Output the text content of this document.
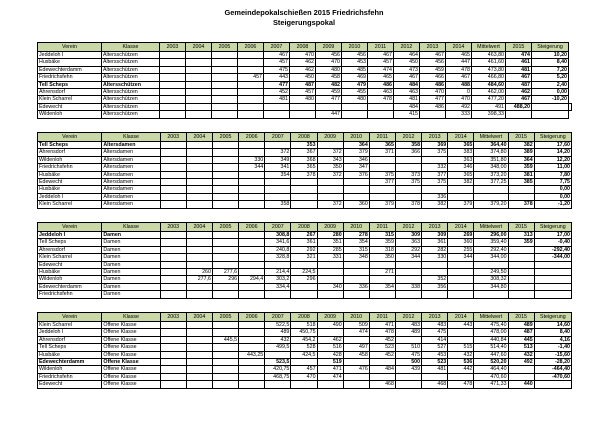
Gemeindepokalschießen 2015 Friedrichsfehn
Steigerungspokal
Verein	Klasse	2003	2004	2005	2006	2007	2008	2009	2010	2011	2012	2013	2014	Mittelwert	2015	Steigerung	
Jeddeloh I	Altersschützen					467	470	456	456	467	464	467	465	463,80	474	10,20	
Husbäke	Altersschützen					457	462	470	453	457	450	456	447	461,60	461	8,40	
Edewechterdamm	Altersschützen					475	462	480	485	474	473	459	478	473,80	481	7,20	
Friedrichsfehn	Altersschützen				457	443	450	458	469	465	467	466	467	466,80	467	5,20	
Tell Scheps	Altersschützen					477	487	482	479	486	484	486	488	484,60	487	2,40	
Ahrensdorf	Altersschützen					452	457	459	455	463	463	470	0	462,00	462	0,00	
Klein Scharrel	Altersschützen					481	480	477	480	478	481	477	470	477,20	467	-10,20	
Edewecht	Altersschützen										484	486	492	491	488,20		
Wildenloh	Altersschützen							447			415		333	398,33			
Verein	Klasse	2003	2004	2005	2006	2007	2008	2009	2010	2011	2012	2013	2014	Mittelwert	2015	Steigerung
Tell Scheps	Altersdamen						353		364	365	358	369	365	364,40	382	17,60
Ahrensdorf	Altersdamen					372	367	372	379	371	366	375	383	374,80	389	14,20
Wildenloh	Altersdamen				330	349	368	343	346				363	351,80	364	12,20
Friedrichsfehn	Altersdamen				344	341	365	350	347			332	346	348,00	359	11,00
Husbäke	Altersdamen					354	378	372	376	375	373	377	365	373,20	381	7,80
Edewecht	Altersdamen									377	375	375	382	377,25	385	7,75
Husbäke	Altersdamen															0,00
Jeddeloh I	Altersdamen											336				0,00
Klein Scharrel	Altersdamen					358		372	360	379	378	382	379	379,20	378	-1,20
Verein	Klasse	2003	2004	2005	2006	2007	2008	2009	2010	2011	2012	2013	2014	Mittelwert	2015	Steigerung
Jeddeloh I	Damen					308,8	267	280	278	315	309	309	269	296,00	313	17,00
Tell Scheps	Damen					341,6	361	351	354	359	363	361	360	359,40	359	-0,40
Ahrensdorf	Damen					240,8	292	285	315	318	292	282	255	292,40		-292,40
Klein Scharrel	Damen					328,8	321	331	348	350	344	330	344	344,00		-344,00
Edewecht	Damen															
Husbäke	Damen		260	277,6		214,4	224,5			271				249,50		
Wildenloh	Damen		277,6	296	294,4	303,2	296					352		308,32		
Edewechterdamm	Damen					334,4		340	336	354	338	356		344,80		
Friedrichsfehn	Damen															
Verein	Klasse	2003	2004	2005	2006	2007	2008	2009	2010	2011	2012	2013	2014	Mittelwert	2015	Steigerung
Klein Scharrel	Offene Klasse					522,5	518	490	509	471	483	483	443	475,40	489	14,60
Jeddeloh I	Offene Klasse					489	450,75		474	478	489	475		478,00	487	8,40
Ahrensdorf	Offene Klasse			445,5		432	454,2	462		452		414		440,84	445	4,16
Tell Scheps	Offene Klasse					499,5	528	516	497	523	510	527	515	514,40	513	-1,40
Husbäke	Offene Klasse				443,25		424,5	428	458	452	475	453	432	447,60	432	-15,60
Edewechterdamm	Offene Klasse					523,5		519			500	523	536	520,20	492	-28,20
Wildenloh	Offene Klasse					420,75	457	471	476	484	439	481	442	464,40		-464,40
Friedrichsfehn	Offene Klasse					468,75	470	474						470,60		-470,60
Edewecht	Offene Klasse									468		468	478	471,33	440	
